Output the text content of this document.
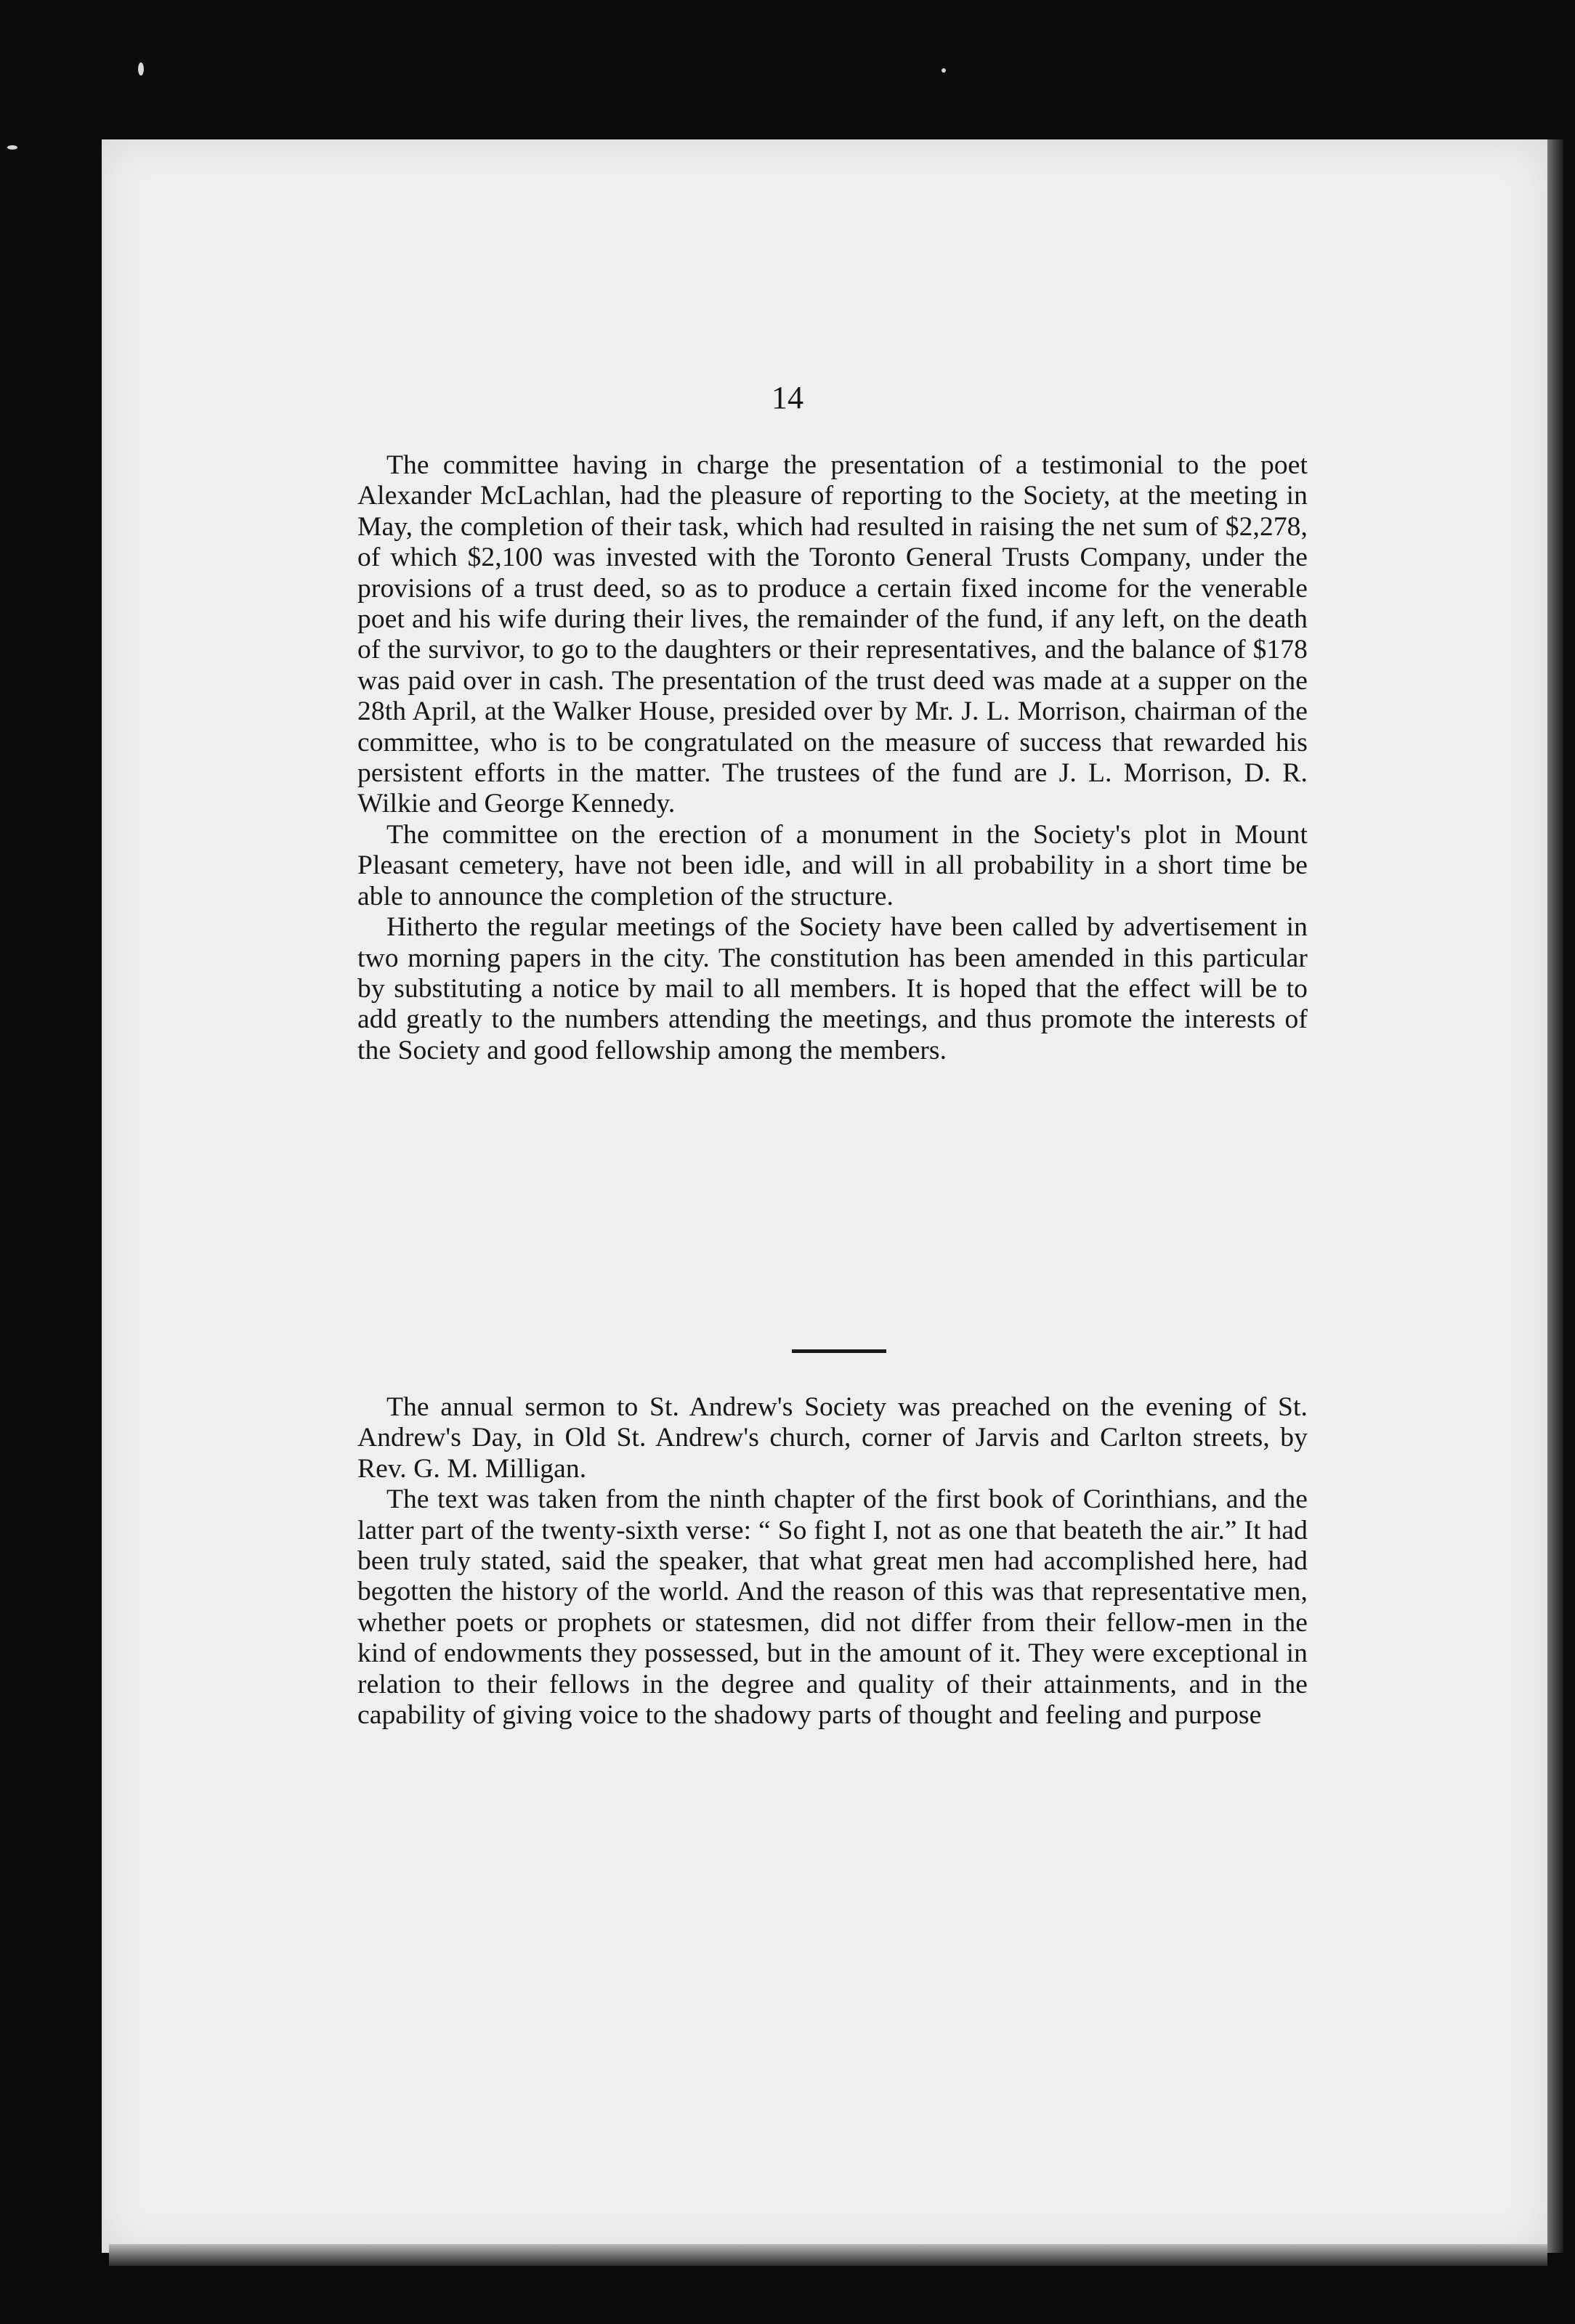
14

The committee having in charge the presentation of a testimonial to the poet Alexander McLachlan, had the pleasure of reporting to the Society, at the meeting in May, the completion of their task, which had resulted in raising the net sum of $2,278, of which $2,100 was invested with the Toronto General Trusts Company, under the provisions of a trust deed, so as to produce a certain fixed income for the venerable poet and his wife during their lives, the remainder of the fund, if any left, on the death of the survivor, to go to the daughters or their representatives, and the balance of $178 was paid over in cash. The presentation of the trust deed was made at a supper on the 28th April, at the Walker House, presided over by Mr. J. L. Morrison, chairman of the committee, who is to be congratulated on the measure of success that rewarded his persistent efforts in the matter. The trustees of the fund are J. L. Morrison, D. R. Wilkie and George Kennedy.

The committee on the erection of a monument in the Society's plot in Mount Pleasant cemetery, have not been idle, and will in all probability in a short time be able to announce the completion of the structure.

Hitherto the regular meetings of the Society have been called by advertisement in two morning papers in the city. The constitution has been amended in this particular by substituting a notice by mail to all members. It is hoped that the effect will be to add greatly to the numbers attending the meetings, and thus promote the interests of the Society and good fellowship among the members.

The annual sermon to St. Andrew's Society was preached on the evening of St. Andrew's Day, in Old St. Andrew's church, corner of Jarvis and Carlton streets, by Rev. G. M. Milligan.

The text was taken from the ninth chapter of the first book of Corinthians, and the latter part of the twenty-sixth verse: “ So fight I, not as one that beateth the air.” It had been truly stated, said the speaker, that what great men had accomplished here, had begotten the history of the world. And the reason of this was that representative men, whether poets or prophets or statesmen, did not differ from their fellow-men in the kind of endowments they possessed, but in the amount of it. They were exceptional in relation to their fellows in the degree and quality of their attainments, and in the capability of giving voice to the shadowy parts of thought and feeling and purpose
